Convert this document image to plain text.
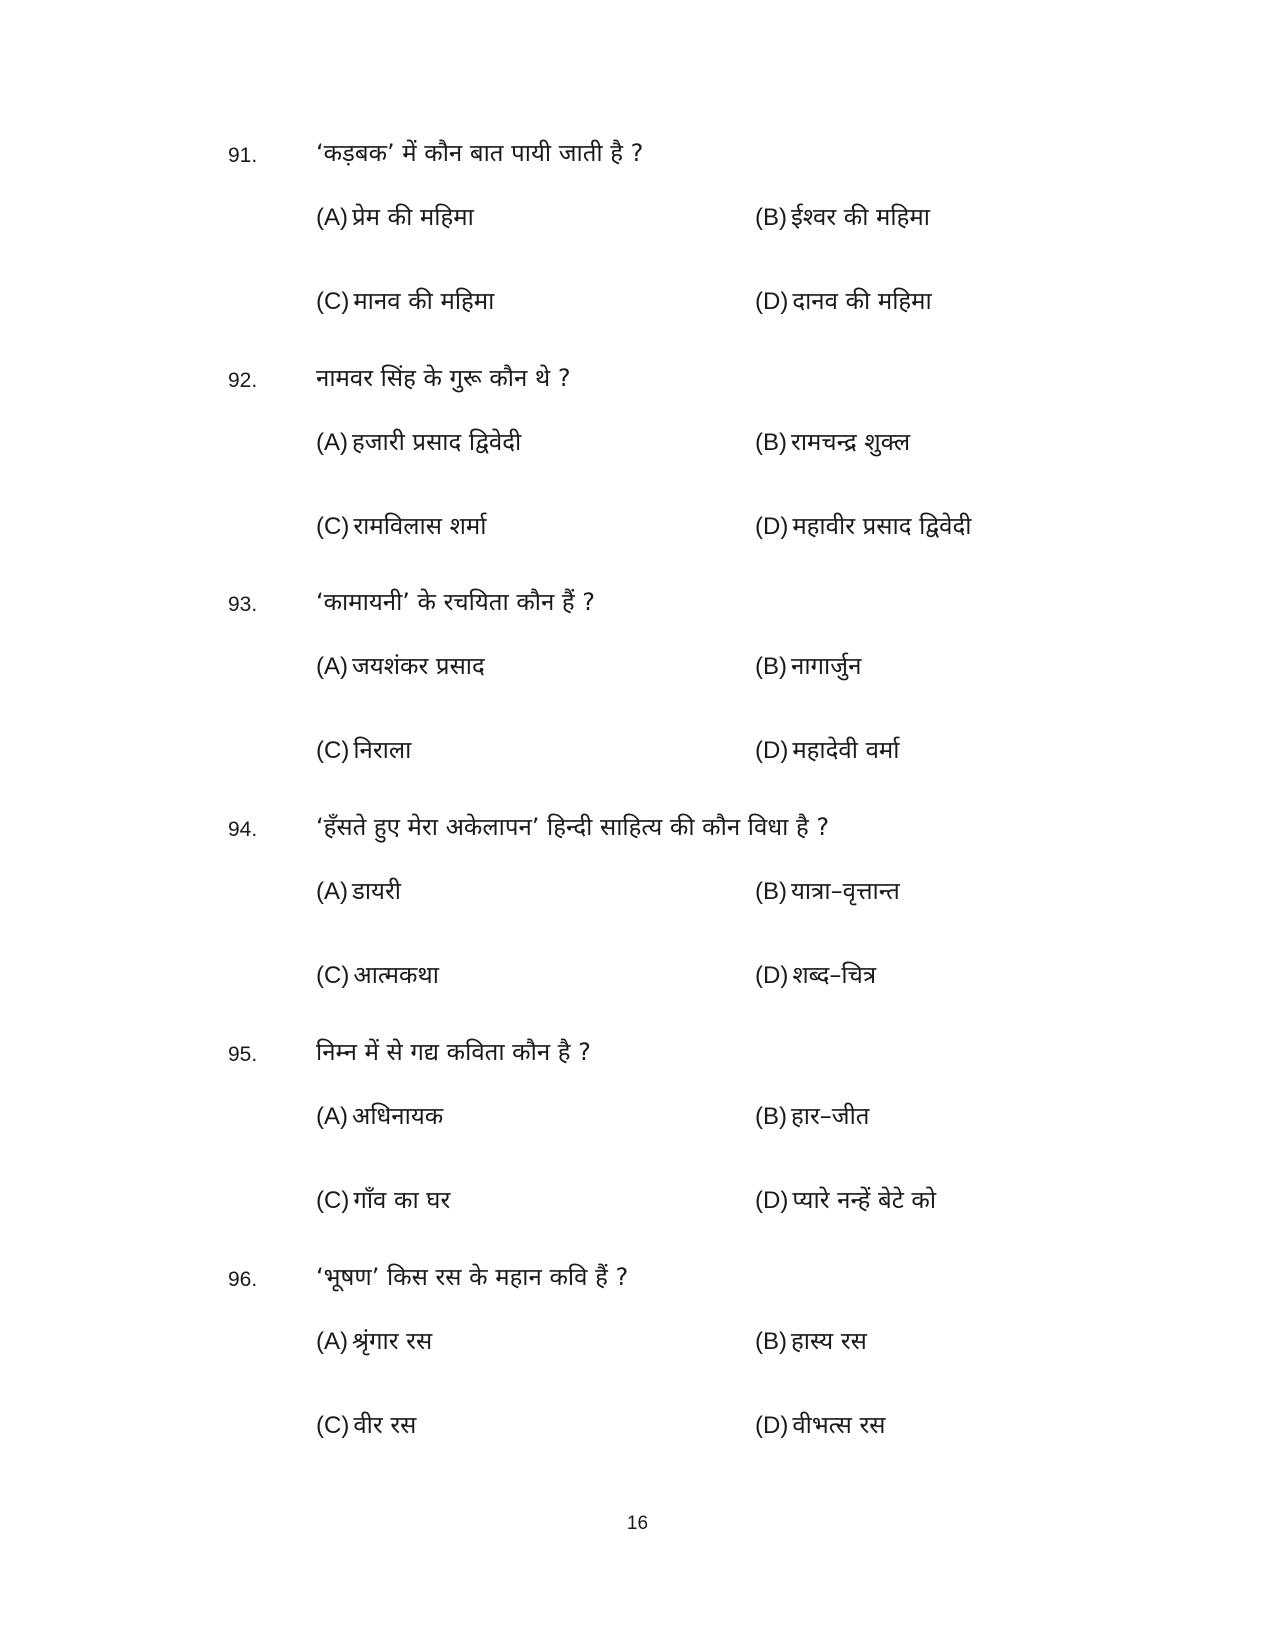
91. ‘कड़बक’ में कौन बात पायी जाती है ?
(A) प्रेम की महिमा	(B) ईश्वर की महिमा
(C) मानव की महिमा	(D) दानव की महिमा
92. नामवर सिंह के गुरू कौन थे ?
(A) हजारी प्रसाद द्विवेदी	(B) रामचन्द्र शुक्ल
(C) रामविलास शर्मा	(D) महावीर प्रसाद द्विवेदी
93. ‘कामायनी’ के रचयिता कौन हैं ?
(A) जयशंकर प्रसाद	(B) नागार्जुन
(C) निराला	(D) महादेवी वर्मा
94. ‘हँसते हुए मेरा अकेलापन’ हिन्दी साहित्य की कौन विधा है ?
(A) डायरी	(B) यात्रा–वृत्तान्त
(C) आत्मकथा	(D) शब्द–चित्र
95. निम्न में से गद्य कविता कौन है ?
(A) अधिनायक	(B) हार–जीत
(C) गाँव का घर	(D) प्यारे नन्हें बेटे को
96. ‘भूषण’ किस रस के महान कवि हैं ?
(A) श्रृंगार रस	(B) हास्य रस
(C) वीर रस	(D) वीभत्स रस
16
